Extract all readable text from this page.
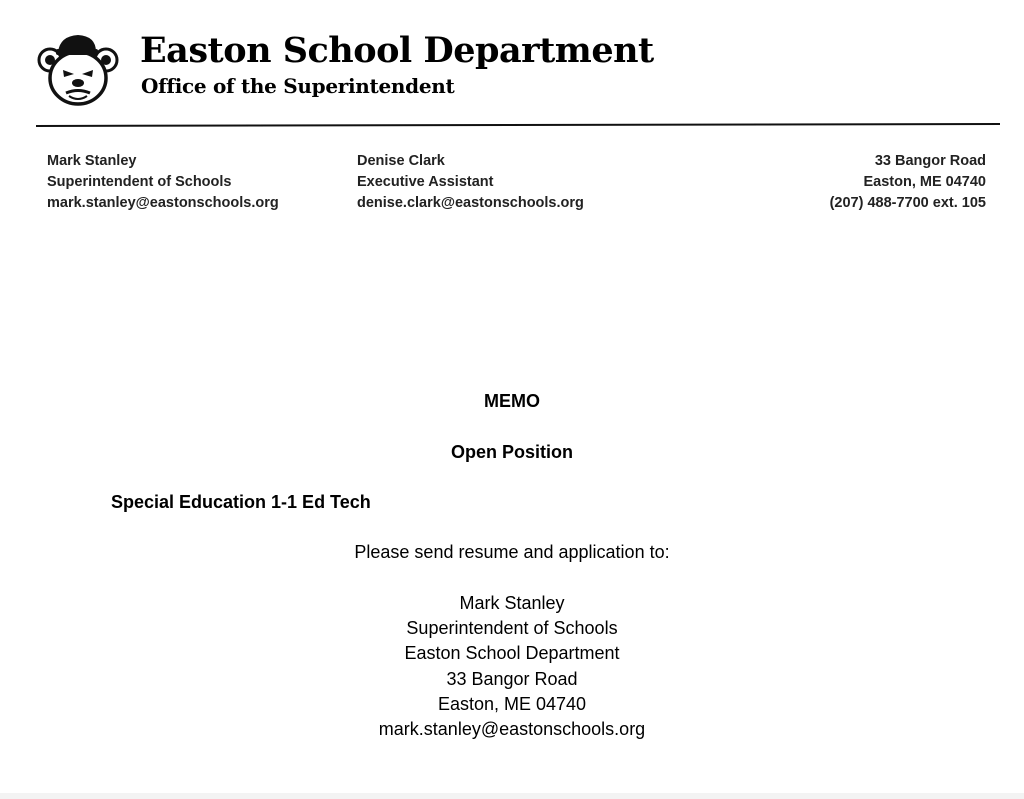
Easton School Department
Office of the Superintendent
Mark Stanley
Superintendent of Schools
mark.stanley@eastonschools.org
Denise Clark
Executive Assistant
denise.clark@eastonschools.org
33 Bangor Road
Easton, ME 04740
(207) 488-7700 ext. 105
MEMO
Open Position
Special Education 1-1 Ed Tech
Please send resume and application to:
Mark Stanley
Superintendent of Schools
Easton School Department
33 Bangor Road
Easton, ME 04740
mark.stanley@eastonschools.org
